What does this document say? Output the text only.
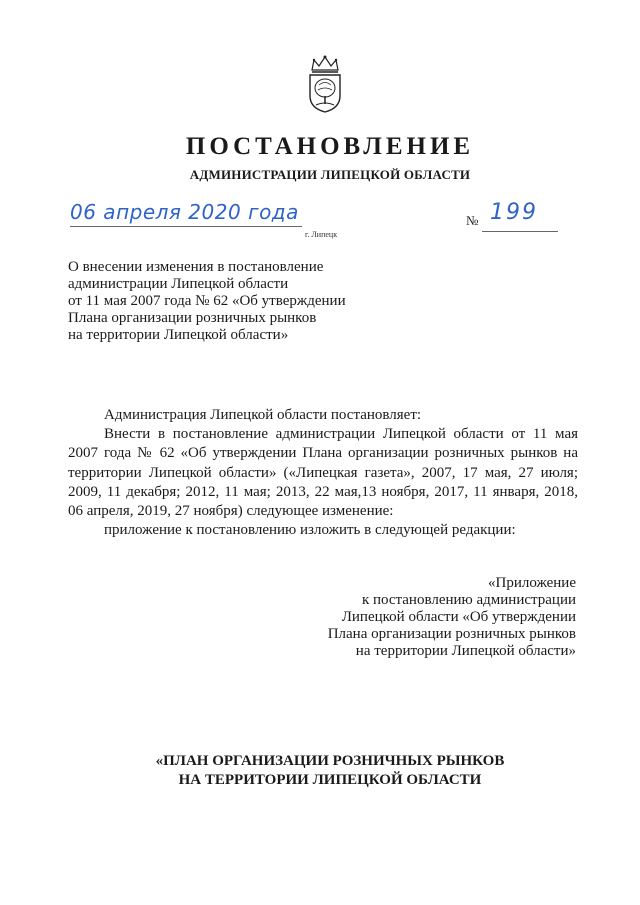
ПОСТАНОВЛЕНИЕ
АДМИНИСТРАЦИИ ЛИПЕЦКОЙ ОБЛАСТИ
06 апреля 2020 года
г. Липецк
№ 199
О внесении изменения в постановление
администрации Липецкой области
от 11 мая 2007 года № 62 «Об утверждении
Плана организации розничных рынков
на территории Липецкой области»

Администрация Липецкой области постановляет:

Внести в постановление администрации Липецкой области от 11 мая

2007 года № 62 «Об утверждении Плана организации розничных рынков на

территории Липецкой области» («Липецкая газета», 2007, 17 мая, 27 июля;

2009, 11 декабря; 2012, 11 мая; 2013, 22 мая,13 ноября, 2017, 11 января, 2018,

06 апреля, 2019, 27 ноября) следующее изменение:

приложение к постановлению изложить в следующей редакции:

«Приложение
к постановлению администрации
Липецкой области «Об утверждении
Плана организации розничных рынков
на территории Липецкой области»
«ПЛАН ОРГАНИЗАЦИИ РОЗНИЧНЫХ РЫНКОВ
НА ТЕРРИТОРИИ ЛИПЕЦКОЙ ОБЛАСТИ
